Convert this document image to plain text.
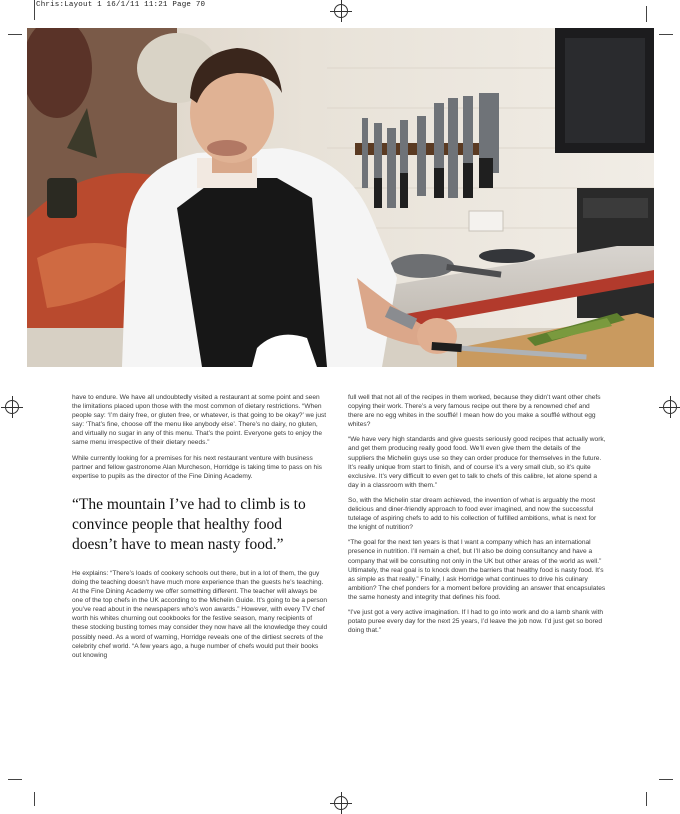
Chris:Layout 1 16/1/11 11:21 Page 70

have to endure. We have all undoubtedly visited a restaurant at some point and seen the limitations placed upon those with the most common of dietary restrictions. “When people say: ‘I’m dairy free, or gluten free, or whatever, is that going to be okay?’ we just say: ‘That’s fine, choose off the menu like anybody else’. There’s no dairy, no gluten, and virtually no sugar in any of this menu. That’s the point. Everyone gets to enjoy the same menu irrespective of their dietary needs.”

While currently looking for a premises for his next restaurant venture with business partner and fellow gastronome Alan Murcheson, Horridge is taking time to pass on his expertise to pupils as the director of the Fine Dining Academy.

“The mountain I’ve had to climb is to convince people that healthy food doesn’t have to mean nasty food.”

He explains: “There’s loads of cookery schools out there, but in a lot of them, the guy doing the teaching doesn’t have much more experience than the guests he’s teaching. At the Fine Dining Academy we offer something different. The teacher will always be one of the top chefs in the UK according to the Michelin Guide. It’s going to be a person you’ve read about in the newspapers who’s won awards.” However, with every TV chef worth his whites churning out cookbooks for the festive season, many recipients of these stocking busting tomes may consider they now have all the knowledge they could possibly need. As a word of warning, Horridge reveals one of the dirtiest secrets of the celebrity chef world. “A few years ago, a huge number of chefs would put their books out knowing

full well that not all of the recipes in them worked, because they didn’t want other chefs copying their work. There’s a very famous recipe out there by a renowned chef and there are no egg whites in the soufflé! I mean how do you make a soufflé without egg whites?

“We have very high standards and give guests seriously good recipes that actually work, and get them producing really good food. We’ll even give them the details of the suppliers the Michelin guys use so they can order produce for themselves in the future. It’s really unique from start to finish, and of course it’s a very small club, so it’s quite exclusive. It’s very difficult to even get to talk to chefs of this calibre, let alone spend a day in a classroom with them.”

So, with the Michelin star dream achieved, the invention of what is arguably the most delicious and diner-friendly approach to food ever imagined, and now the successful tutelage of aspiring chefs to add to his collection of fulfilled ambitions, what is next for the knight of nutrition?

“The goal for the next ten years is that I want a company which has an international presence in nutrition. I’ll remain a chef, but I’ll also be doing consultancy and have a company that will be consulting not only in the UK but other areas of the world as well.” Ultimately, the real goal is to knock down the barriers that healthy food is nasty food. It’s as simple as that really.” Finally, I ask Horridge what continues to drive his culinary ambition? The chef ponders for a moment before providing an answer that encapsulates the same honesty and integrity that defines his food.

“I’ve just got a very active imagination. If I had to go into work and do a lamb shank with potato puree every day for the next 25 years, I’d leave the job now. I’d just get so bored doing that.”
